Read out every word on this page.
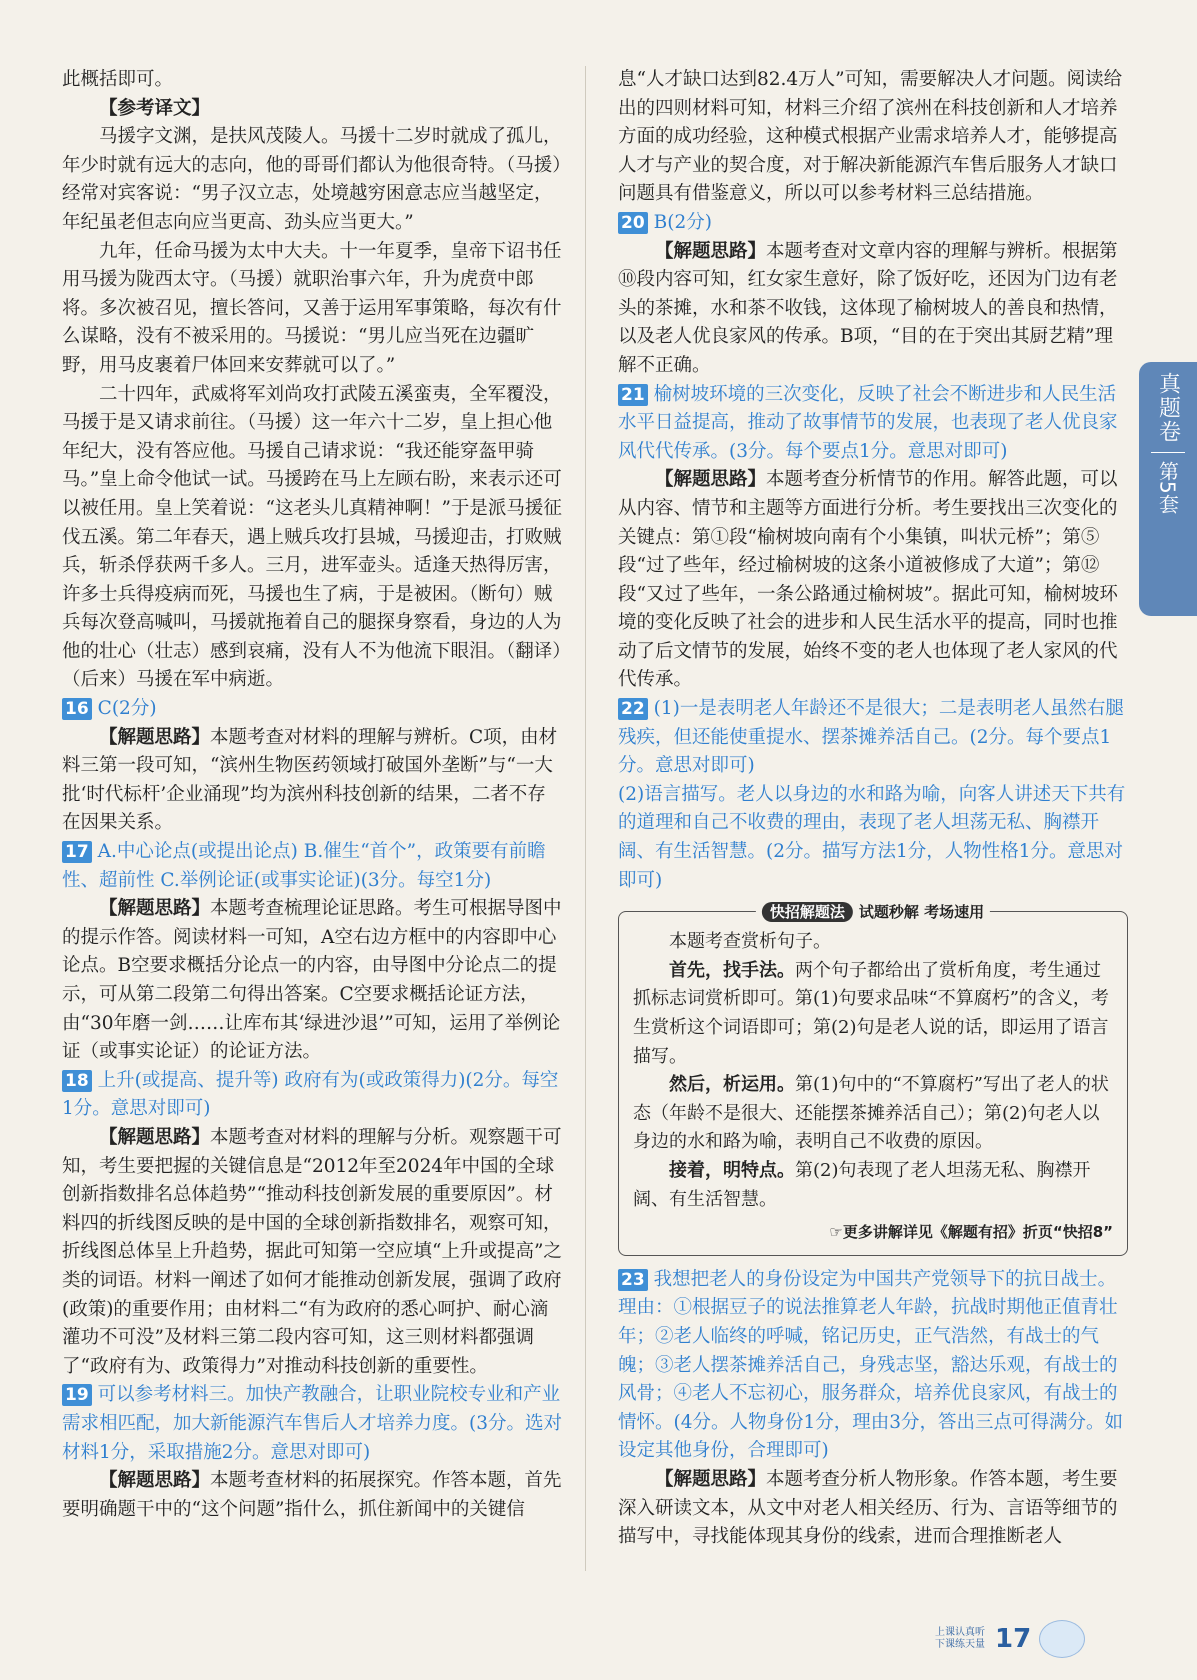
此概括即可。

【参考译文】

马援字文渊，是扶风茂陵人。马援十二岁时就成了孤儿，年少时就有远大的志向，他的哥哥们都认为他很奇特。（马援）经常对宾客说：“男子汉立志，处境越穷困意志应当越坚定，年纪虽老但志向应当更高、劲头应当更大。”

九年，任命马援为太中大夫。十一年夏季，皇帝下诏书任用马援为陇西太守。（马援）就职治事六年，升为虎贲中郎将。多次被召见，擅长答问，又善于运用军事策略，每次有什么谋略，没有不被采用的。马援说：“男儿应当死在边疆旷野，用马皮裹着尸体回来安葬就可以了。”

二十四年，武威将军刘尚攻打武陵五溪蛮夷，全军覆没，马援于是又请求前往。（马援）这一年六十二岁，皇上担心他年纪大，没有答应他。马援自己请求说：“我还能穿盔甲骑马。”皇上命令他试一试。马援跨在马上左顾右盼，来表示还可以被任用。皇上笑着说：“这老头儿真精神啊！”于是派马援征伐五溪。第二年春天，遇上贼兵攻打县城，马援迎击，打败贼兵，斩杀俘获两千多人。三月，进军壶头。适逢天热得厉害，许多士兵得疫病而死，马援也生了病，于是被困。（断句）贼兵每次登高喊叫，马援就拖着自己的腿探身察看，身边的人为他的壮心（壮志）感到哀痛，没有人不为他流下眼泪。（翻译）（后来）马援在军中病逝。

16 C(2分)

【解题思路】本题考查对材料的理解与辨析。C项，由材料三第一段可知，“滨州生物医药领域打破国外垄断”与“一大批‘时代标杆’企业涌现”均为滨州科技创新的结果，二者不存在因果关系。

17 A.中心论点(或提出论点) B.催生“首个”，政策要有前瞻性、超前性 C.举例论证(或事实论证)(3分。每空1分)

【解题思路】本题考查梳理论证思路。考生可根据导图中的提示作答。阅读材料一可知，A空右边方框中的内容即中心论点。B空要求概括分论点一的内容，由导图中分论点二的提示，可从第二段第二句得出答案。C空要求概括论证方法，由“30年磨一剑……让库布其‘绿进沙退’”可知，运用了举例论证（或事实论证）的论证方法。

18 上升(或提高、提升等) 政府有为(或政策得力)(2分。每空1分。意思对即可)

【解题思路】本题考查对材料的理解与分析。观察题干可知，考生要把握的关键信息是“2012年至2024年中国的全球创新指数排名总体趋势”“推动科技创新发展的重要原因”。材料四的折线图反映的是中国的全球创新指数排名，观察可知，折线图总体呈上升趋势，据此可知第一空应填“上升或提高”之类的词语。材料一阐述了如何才能推动创新发展，强调了政府(政策)的重要作用；由材料二“有为政府的悉心呵护、耐心滴灌功不可没”及材料三第二段内容可知，这三则材料都强调了“政府有为、政策得力”对推动科技创新的重要性。

19 可以参考材料三。加快产教融合，让职业院校专业和产业需求相匹配，加大新能源汽车售后人才培养力度。(3分。选对材料1分，采取措施2分。意思对即可)

【解题思路】本题考查材料的拓展探究。作答本题，首先要明确题干中的“这个问题”指什么，抓住新闻中的关键信

息“人才缺口达到82.4万人”可知，需要解决人才问题。阅读给出的四则材料可知，材料三介绍了滨州在科技创新和人才培养方面的成功经验，这种模式根据产业需求培养人才，能够提高人才与产业的契合度，对于解决新能源汽车售后服务人才缺口问题具有借鉴意义，所以可以参考材料三总结措施。

20 B(2分)

【解题思路】本题考查对文章内容的理解与辨析。根据第⑩段内容可知，红女家生意好，除了饭好吃，还因为门边有老头的茶摊，水和茶不收钱，这体现了榆树坡人的善良和热情，以及老人优良家风的传承。B项，“目的在于突出其厨艺精”理解不正确。

21 榆树坡环境的三次变化，反映了社会不断进步和人民生活水平日益提高，推动了故事情节的发展，也表现了老人优良家风代代传承。(3分。每个要点1分。意思对即可)

【解题思路】本题考查分析情节的作用。解答此题，可以从内容、情节和主题等方面进行分析。考生要找出三次变化的关键点：第①段“榆树坡向南有个小集镇，叫状元桥”；第⑤段“过了些年，经过榆树坡的这条小道被修成了大道”；第⑫段“又过了些年，一条公路通过榆树坡”。据此可知，榆树坡环境的变化反映了社会的进步和人民生活水平的提高，同时也推动了后文情节的发展，始终不变的老人也体现了老人家风的代代传承。

22 (1)一是表明老人年龄还不是很大；二是表明老人虽然右腿残疾，但还能使重提水、摆茶摊养活自己。(2分。每个要点1分。意思对即可)

(2)语言描写。老人以身边的水和路为喻，向客人讲述天下共有的道理和自己不收费的理由，表现了老人坦荡无私、胸襟开阔、有生活智慧。(2分。描写方法1分，人物性格1分。意思对即可)

快招解题法 试题秒解 考场速用

本题考查赏析句子。

首先，找手法。两个句子都给出了赏析角度，考生通过抓标志词赏析即可。第(1)句要求品味“不算腐朽”的含义，考生赏析这个词语即可；第(2)句是老人说的话，即运用了语言描写。

然后，析运用。第(1)句中的“不算腐朽”写出了老人的状态（年龄不是很大、还能摆茶摊养活自己）；第(2)句老人以身边的水和路为喻，表明自己不收费的原因。

接着，明特点。第(2)句表现了老人坦荡无私、胸襟开阔、有生活智慧。

☞更多讲解详见《解题有招》折页“快招8”

23 我想把老人的身份设定为中国共产党领导下的抗日战士。理由：①根据豆子的说法推算老人年龄，抗战时期他正值青壮年；②老人临终的呼喊，铭记历史，正气浩然，有战士的气魄；③老人摆茶摊养活自己，身残志坚，豁达乐观，有战士的风骨；④老人不忘初心，服务群众，培养优良家风，有战士的情怀。(4分。人物身份1分，理由3分，答出三点可得满分。如设定其他身份，合理即可)

【解题思路】本题考查分析人物形象。作答本题，考生要深入研读文本，从文中对老人相关经历、行为、言语等细节的描写中，寻找能体现其身份的线索，进而合理推断老人

真题卷
第5套
上课认真听 下课练天量 17
